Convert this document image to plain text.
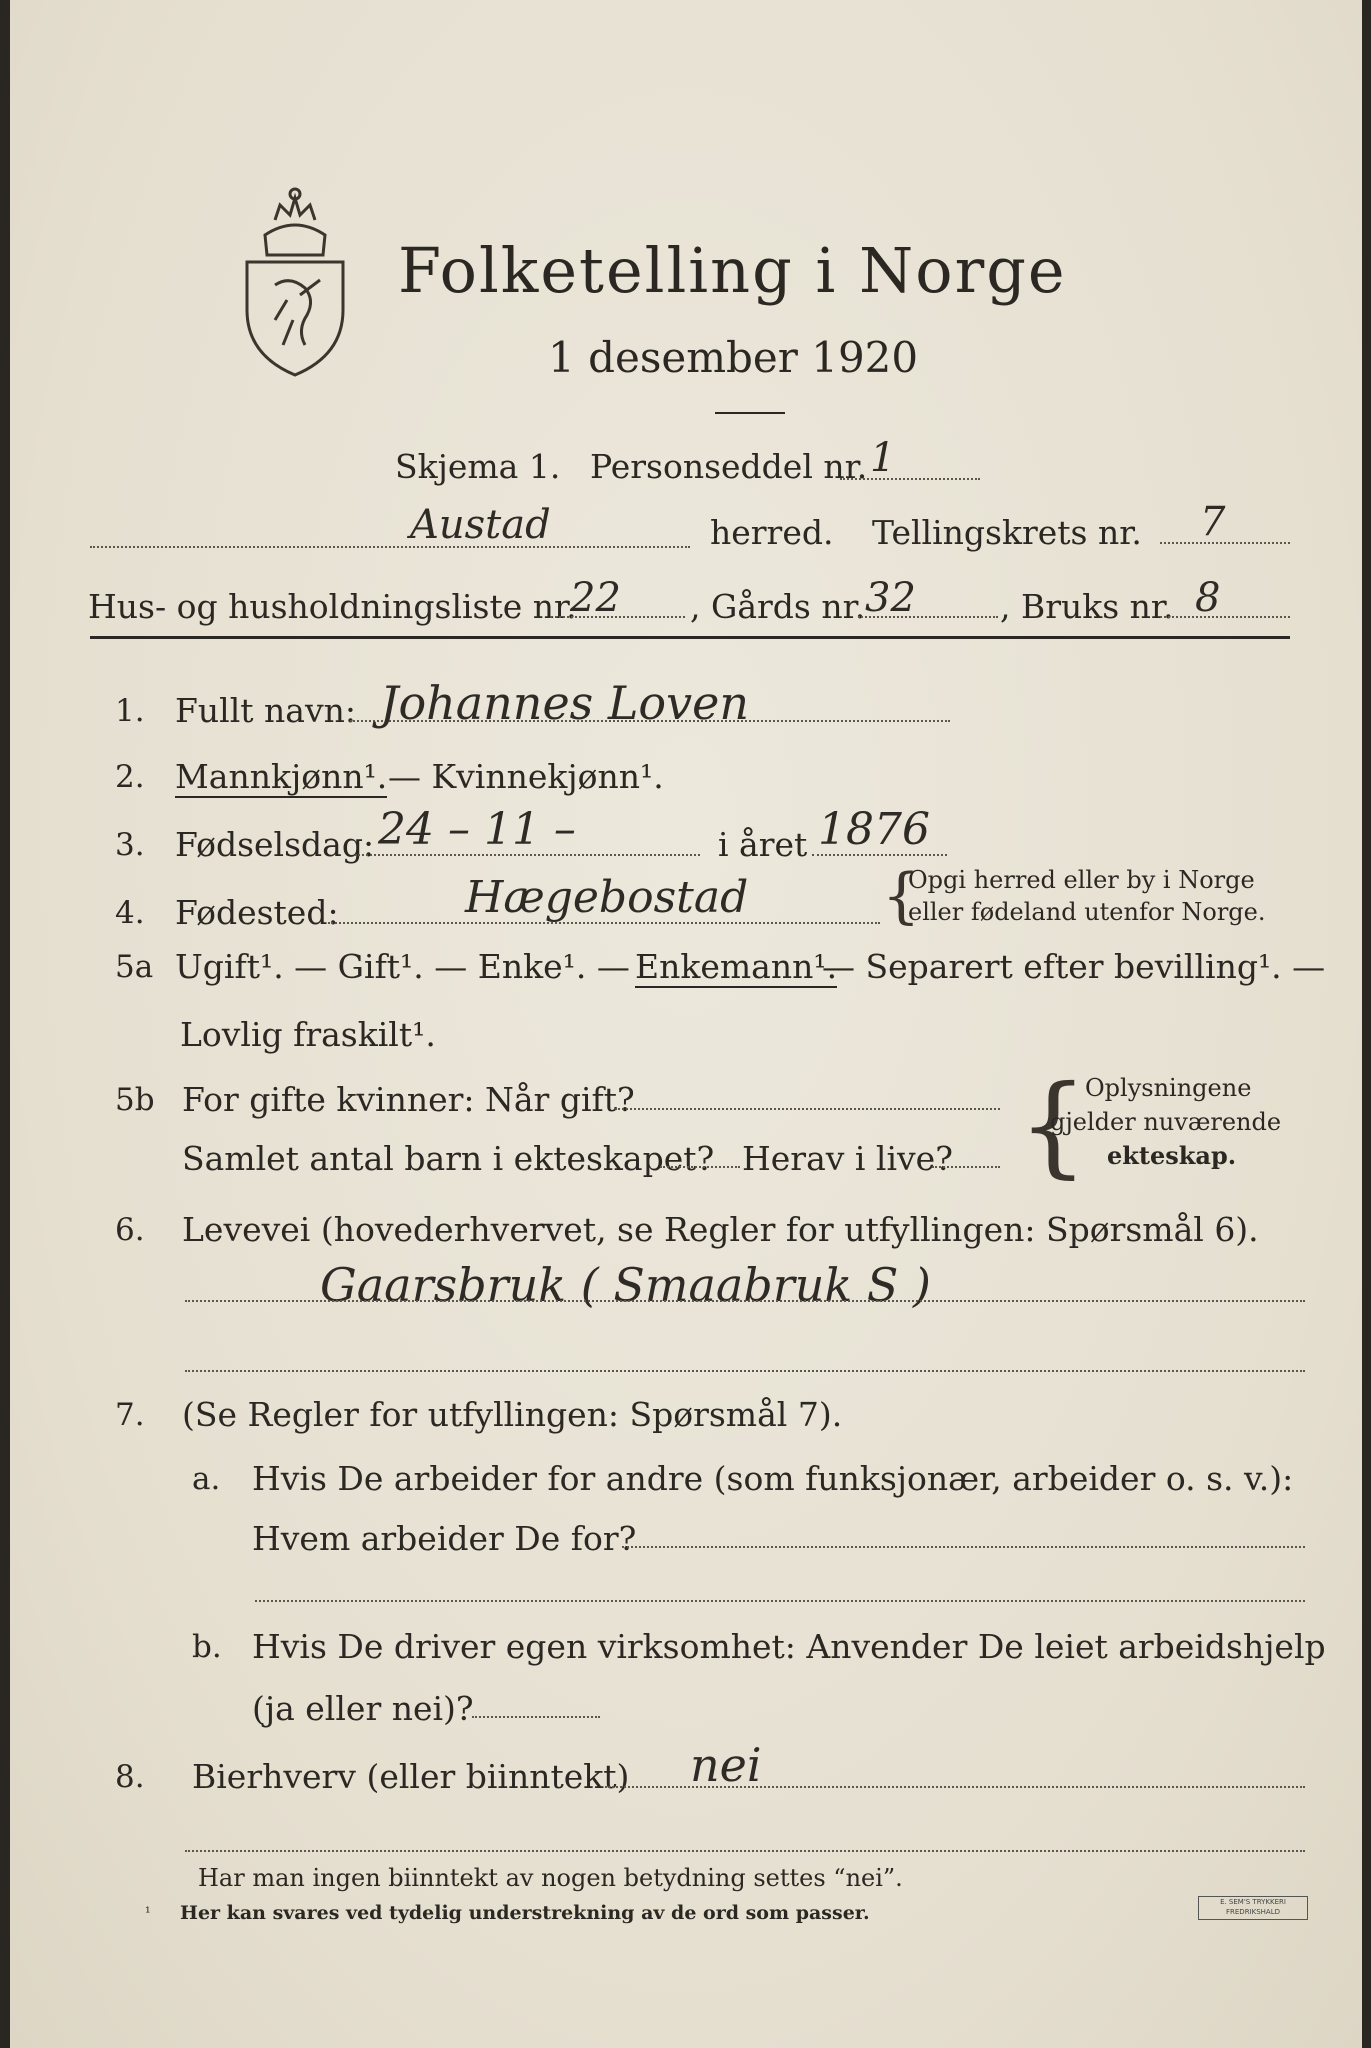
Folketelling i Norge
1 desember 1920
Skjema 1. Personseddel nr. 1
Austad	herred. Tellingskrets nr. 7
Hus- og husholdningsliste nr.
22 , Gårds nr. 32	, Bruks nr. 8
1. Fullt navn: Johannes Loven
2. Mannkjønn¹. — Kvinnekjønn¹.
3. Fødselsdag: 24 – 11 –	i året 1876
4. Fødested:	Hægebostad {
Opgi herred eller by i Norge
eller fødeland utenfor Norge.
5a Ugift¹. — Gift¹. — Enke¹. — Enkemann¹.
— Separert efter bevilling¹. —
Lovlig fraskilt¹.
5b For gifte kvinner: Når gift?
Samlet antal barn i ekteskapet? Herav i live? {
Oplysningene
gjelder nuværende
ekteskap.
6. Levevei (hovederhvervet, se Regler for utfyllingen: Spørsmål 6).
Gaarsbruk ( Smaabruk S )
7. (Se Regler for utfyllingen: Spørsmål 7).
a. Hvis De arbeider for andre (som funksjonær, arbeider o. s. v.):
Hvem arbeider De for?
b. Hvis De driver egen virksomhet: Anvender De leiet arbeidshjelp
(ja eller nei)?
8. Bierhverv (eller biinntekt) nei
Har man ingen biinntekt av nogen betydning settes “nei”.
¹ Her kan svares ved tydelig understrekning av de ord som passer.	E. SEM'S TRYKKERI
FREDRIKSHALD
